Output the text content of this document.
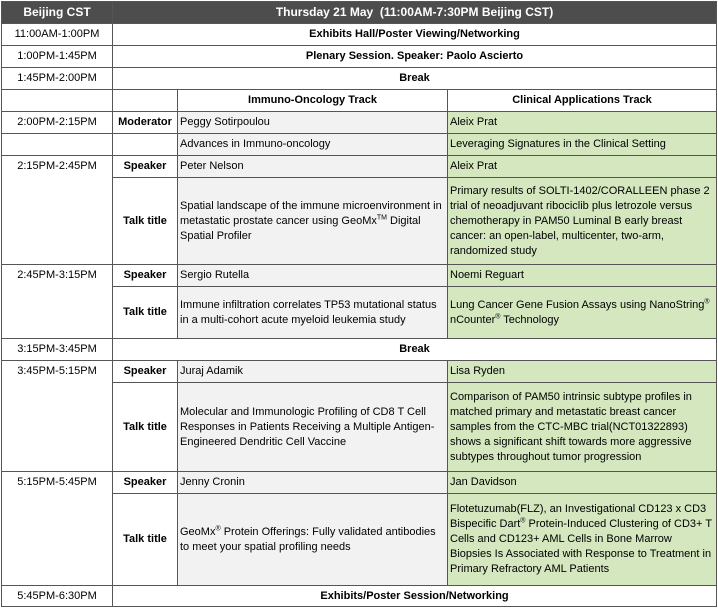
Beijing CST	Thursday 21 May  (11:00AM-7:30PM Beijing CST)		
11:00AM-1:00PM	Exhibits Hall/Poster Viewing/Networking		
1:00PM-1:45PM	Plenary Session. Speaker: Paolo Ascierto		
1:45PM-2:00PM	Break		
		Immuno-Oncology Track	Clinical Applications Track
2:00PM-2:15PM	Moderator	Peggy Sotirpoulou	Aleix Prat
		Advances in Immuno-oncology	Leveraging Signatures in the Clinical Setting
2:15PM-2:45PM	Speaker	Peter Nelson	Aleix Prat
	Talk title	Spatial landscape of the immune microenvironment in metastatic prostate cancer using GeoMx™ Digital Spatial Profiler	Primary results of SOLTI-1402/CORALLEEN phase 2 trial of neoadjuvant ribociclib plus letrozole versus chemotherapy in PAM50 Luminal B early breast cancer: an open-label, multicenter, two-arm, randomized study
2:45PM-3:15PM	Speaker	Sergio Rutella	Noemi Reguart
	Talk title	Immune infiltration correlates TP53 mutational status in a multi-cohort acute myeloid leukemia study	Lung Cancer Gene Fusion Assays using NanoString® nCounter® Technology
3:15PM-3:45PM	Break		
3:45PM-5:15PM	Speaker	Juraj Adamik	Lisa Ryden
	Talk title	Molecular and Immunologic Profiling of CD8 T Cell Responses in Patients Receiving a Multiple Antigen-Engineered Dendritic Cell Vaccine	Comparison of PAM50 intrinsic subtype profiles in matched primary and metastatic breast cancer samples from the CTC-MBC trial(NCT01322893) shows a significant shift towards more aggressive subtypes throughout tumor progression
5:15PM-5:45PM	Speaker	Jenny Cronin	Jan Davidson
	Talk title	GeoMx® Protein Offerings: Fully validated antibodies to meet your spatial profiling needs	Flotetuzumab(FLZ), an Investigational CD123 x CD3 Bispecific Dart® Protein-Induced Clustering of CD3+ T Cells and CD123+ AML Cells in Bone Marrow Biopsies Is Associated with Response to Treatment in Primary Refractory AML Patients
5:45PM-6:30PM	Exhibits/Poster Session/Networking		
